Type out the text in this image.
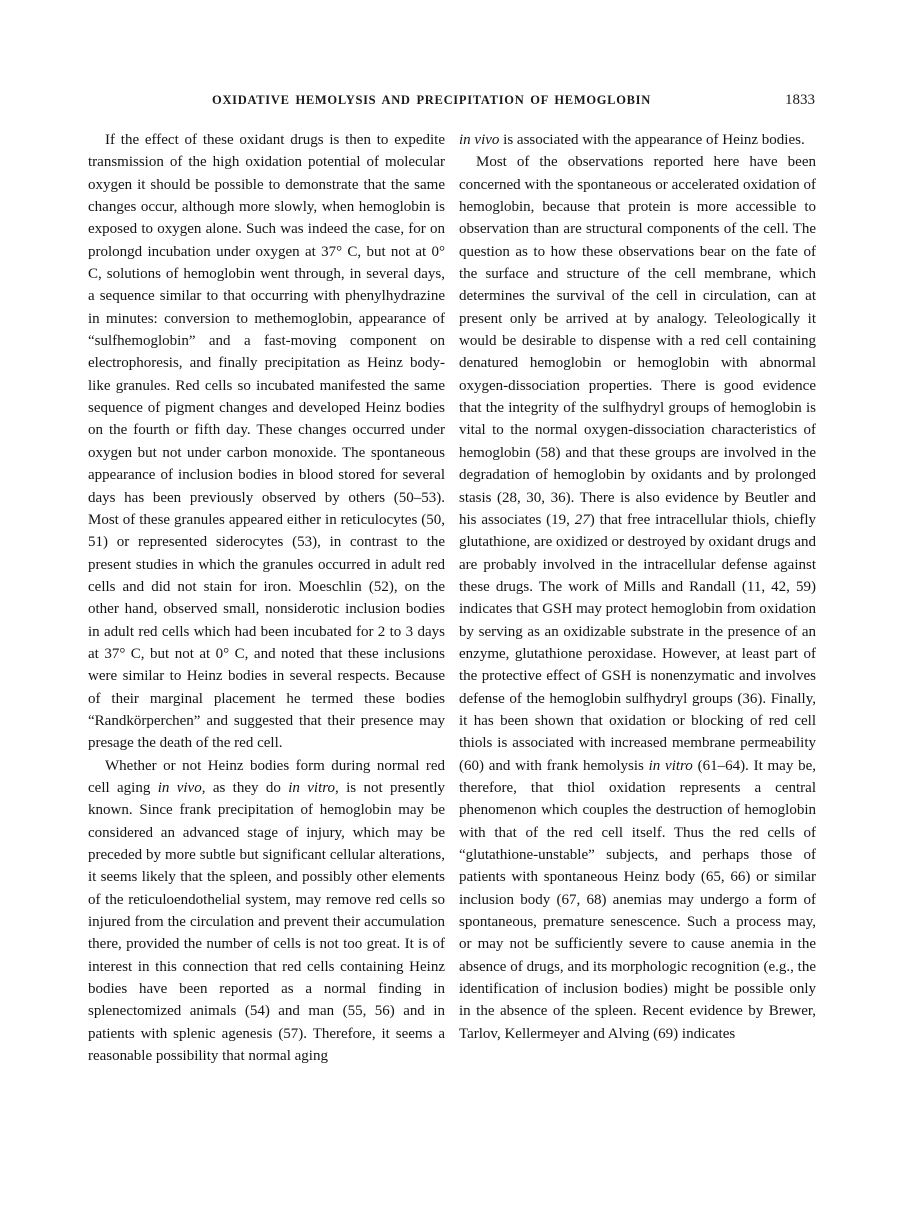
OXIDATIVE HEMOLYSIS AND PRECIPITATION OF HEMOGLOBIN	1833

If the effect of these oxidant drugs is then to expedite transmission of the high oxidation potential of molecular oxygen it should be possible to demonstrate that the same changes occur, although more slowly, when hemoglobin is exposed to oxygen alone. Such was indeed the case, for on prolongd incubation under oxygen at 37° C, but not at 0° C, solutions of hemoglobin went through, in several days, a sequence similar to that occurring with phenylhydrazine in minutes: conversion to methemoglobin, appearance of “sulfhemoglobin” and a fast-moving component on electrophoresis, and finally precipitation as Heinz body-like granules. Red cells so incubated manifested the same sequence of pigment changes and developed Heinz bodies on the fourth or fifth day. These changes occurred under oxygen but not under carbon monoxide. The spontaneous appearance of inclusion bodies in blood stored for several days has been previously observed by others (50–53). Most of these granules appeared either in reticulocytes (50, 51) or represented siderocytes (53), in contrast to the present studies in which the granules occurred in adult red cells and did not stain for iron. Moeschlin (52), on the other hand, observed small, nonsiderotic inclusion bodies in adult red cells which had been incubated for 2 to 3 days at 37° C, but not at 0° C, and noted that these inclusions were similar to Heinz bodies in several respects. Because of their marginal placement he termed these bodies “Randkörperchen” and suggested that their presence may presage the death of the red cell.

Whether or not Heinz bodies form during normal red cell aging in vivo, as they do in vitro, is not presently known. Since frank precipitation of hemoglobin may be considered an advanced stage of injury, which may be preceded by more subtle but significant cellular alterations, it seems likely that the spleen, and possibly other elements of the reticuloendothelial system, may remove red cells so injured from the circulation and prevent their accumulation there, provided the number of cells is not too great. It is of interest in this connection that red cells containing Heinz bodies have been reported as a normal finding in splenectomized animals (54) and man (55, 56) and in patients with splenic agenesis (57). Therefore, it seems a reasonable possibility that normal aging

in vivo is associated with the appearance of Heinz bodies.

Most of the observations reported here have been concerned with the spontaneous or accelerated oxidation of hemoglobin, because that protein is more accessible to observation than are structural components of the cell. The question as to how these observations bear on the fate of the surface and structure of the cell membrane, which determines the survival of the cell in circulation, can at present only be arrived at by analogy. Teleologically it would be desirable to dispense with a red cell containing denatured hemoglobin or hemoglobin with abnormal oxygen-dissociation properties. There is good evidence that the integrity of the sulfhydryl groups of hemoglobin is vital to the normal oxygen-dissociation characteristics of hemoglobin (58) and that these groups are involved in the degradation of hemoglobin by oxidants and by prolonged stasis (28, 30, 36). There is also evidence by Beutler and his associates (19, 27) that free intracellular thiols, chiefly glutathione, are oxidized or destroyed by oxidant drugs and are probably involved in the intracellular defense against these drugs. The work of Mills and Randall (11, 42, 59) indicates that GSH may protect hemoglobin from oxidation by serving as an oxidizable substrate in the presence of an enzyme, glutathione peroxidase. However, at least part of the protective effect of GSH is nonenzymatic and involves defense of the hemoglobin sulfhydryl groups (36). Finally, it has been shown that oxidation or blocking of red cell thiols is associated with increased membrane permeability (60) and with frank hemolysis in vitro (61–64). It may be, therefore, that thiol oxidation represents a central phenomenon which couples the destruction of hemoglobin with that of the red cell itself. Thus the red cells of “glutathione-unstable” subjects, and perhaps those of patients with spontaneous Heinz body (65, 66) or similar inclusion body (67, 68) anemias may undergo a form of spontaneous, premature senescence. Such a process may, or may not be sufficiently severe to cause anemia in the absence of drugs, and its morphologic recognition (e.g., the identification of inclusion bodies) might be possible only in the absence of the spleen. Recent evidence by Brewer, Tarlov, Kellermeyer and Alving (69) indicates
